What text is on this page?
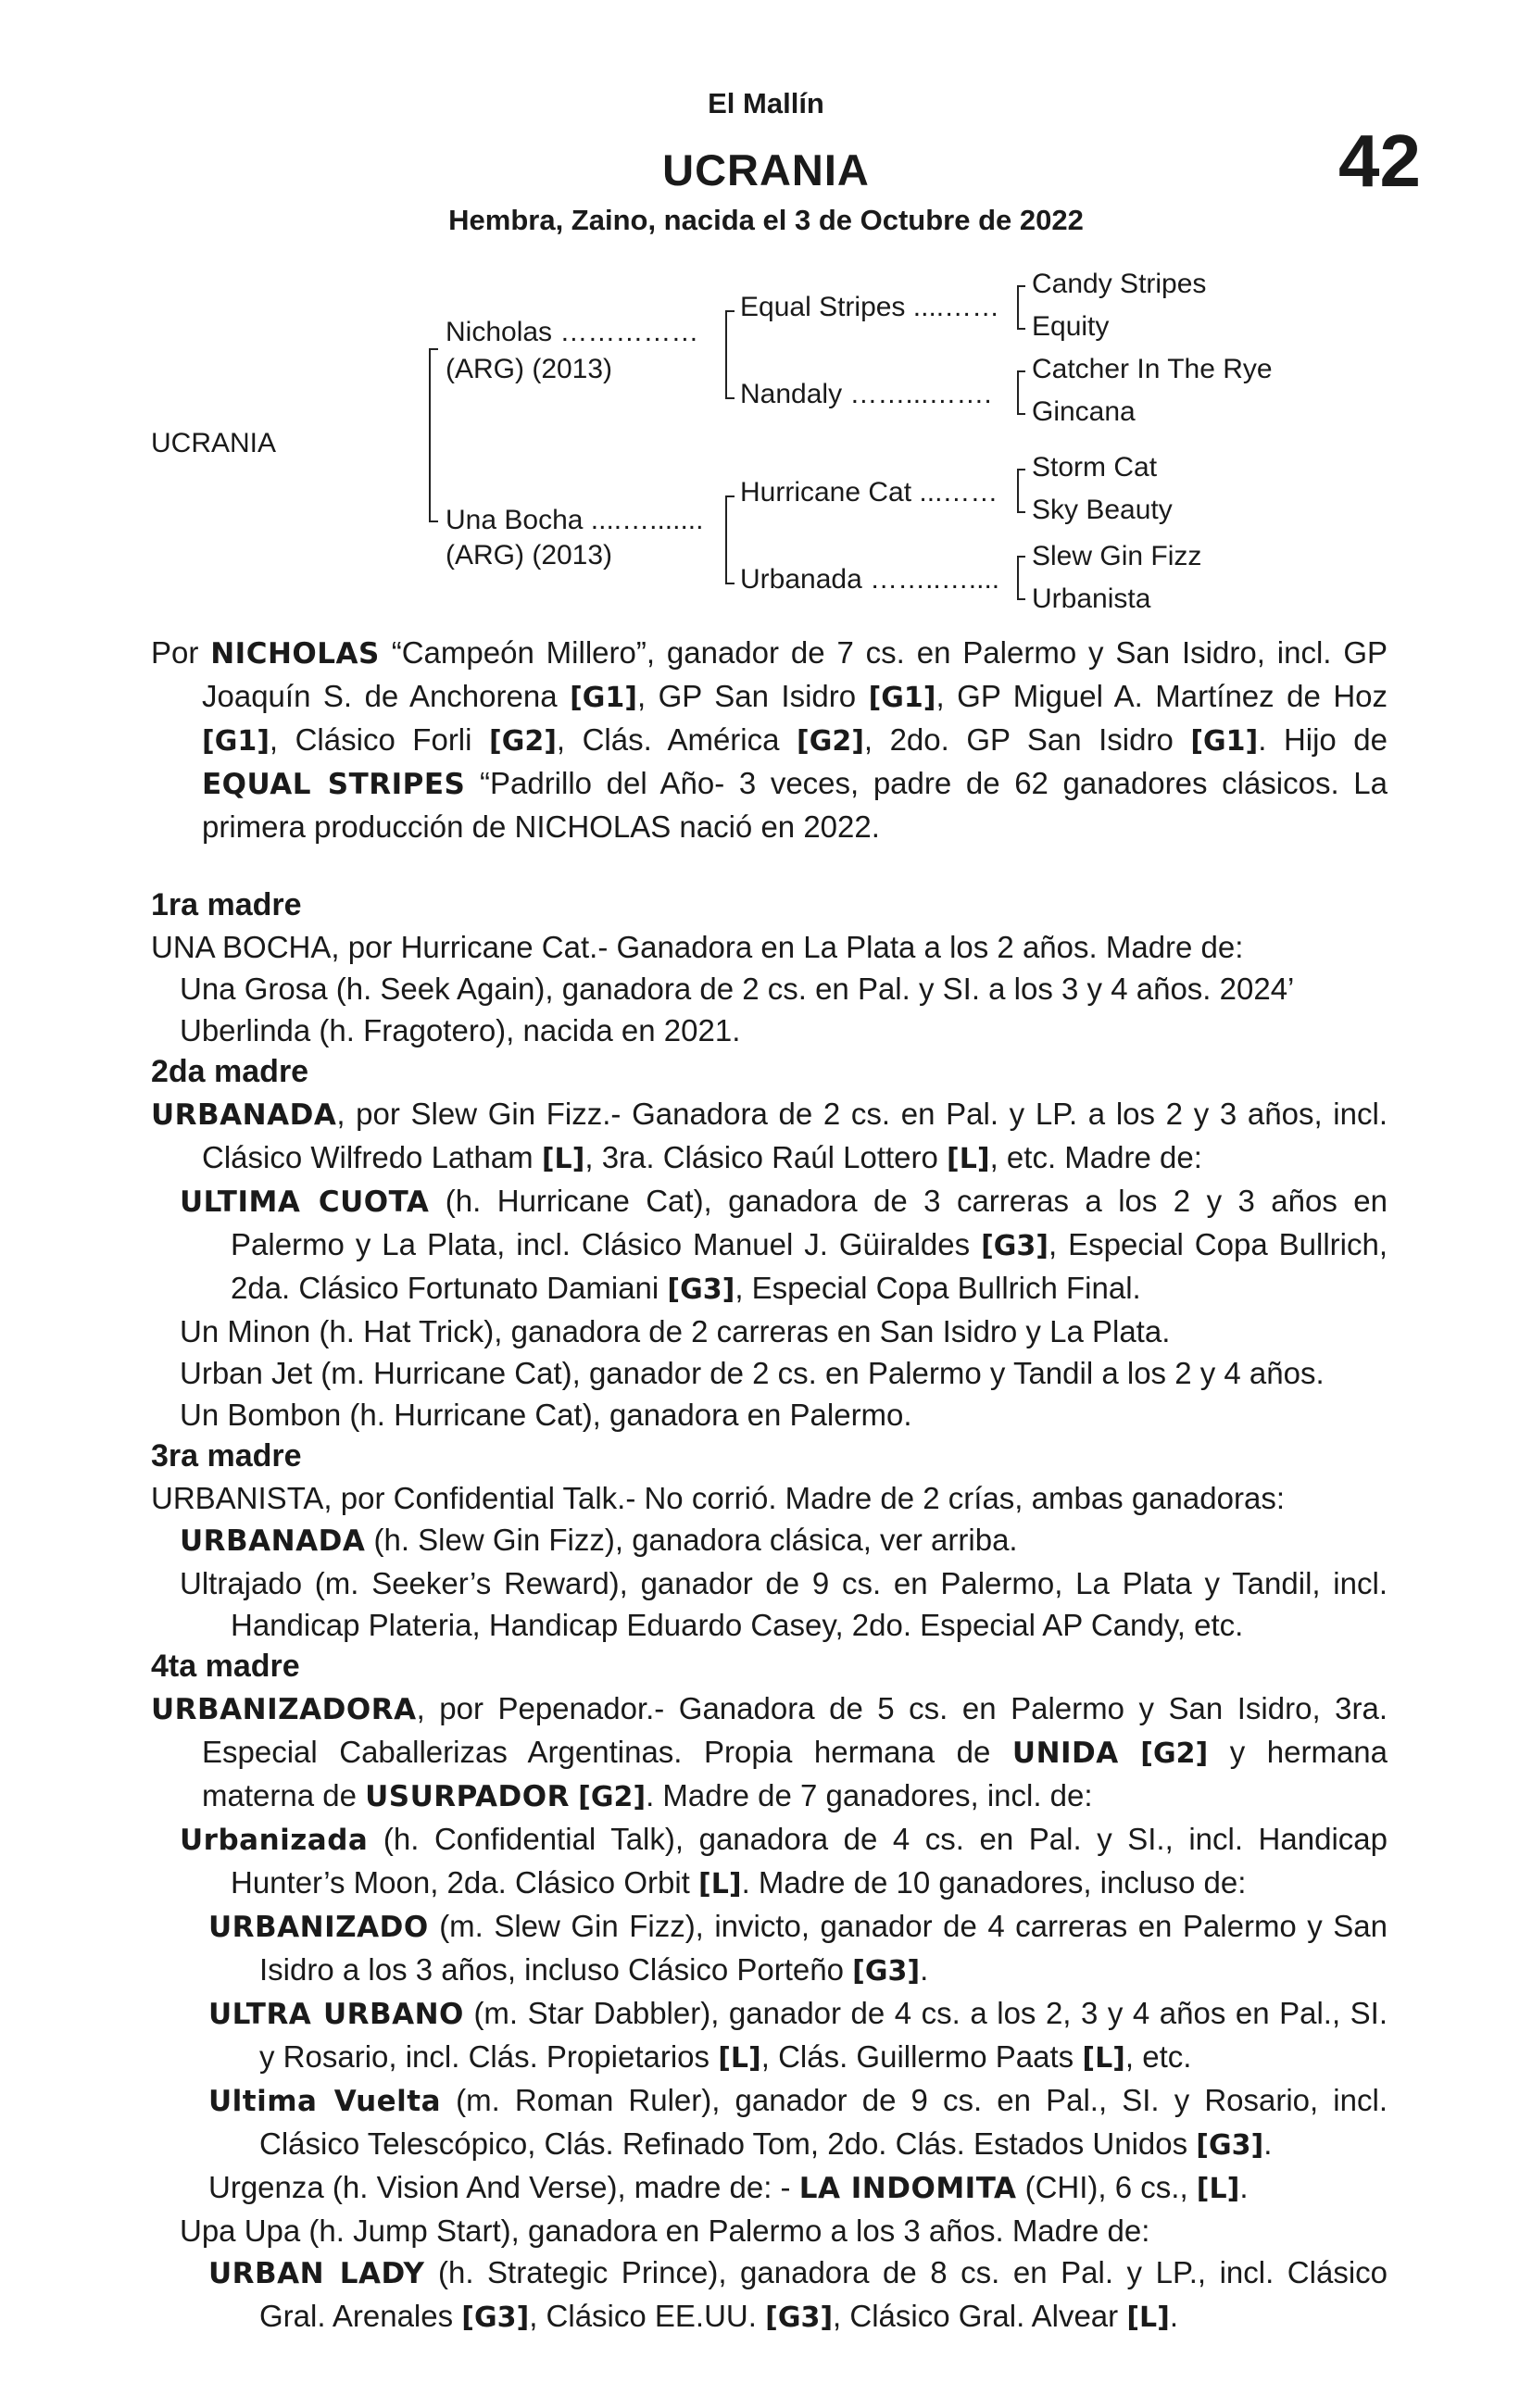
El Mallín
UCRANIA	42
Hembra, Zaino, nacida el 3 de Octubre de 2022
UCRANIA
Nicholas ……………
(ARG) (2013)
Una Bocha ....….......
(ARG) (2013)
Equal Stripes ....……
Nandaly ……...…….
Hurricane Cat ...……
Urbanada ……..…....
Candy Stripes
Equity
Catcher In The Rye
Gincana
Storm Cat
Sky Beauty
Slew Gin Fizz
Urbanista

Por NICHOLAS “Campeón Millero”, ganador de 7 cs. en Palermo y San Isidro, incl. GP Joaquín S. de Anchorena [G1], GP San Isidro [G1], GP Miguel A. Martínez de Hoz [G1], Clásico Forli [G2], Clás. América [G2], 2do. GP San Isidro [G1]. Hijo de EQUAL STRIPES “Padrillo del Año- 3 veces, padre de 62 ganadores clásicos. La primera producción de NICHOLAS nació en 2022.

1ra madre

UNA BOCHA, por Hurricane Cat.- Ganadora en La Plata a los 2 años. Madre de:

Una Grosa (h. Seek Again), ganadora de 2 cs. en Pal. y SI. a los 3 y 4 años. 2024’

Uberlinda (h. Fragotero), nacida en 2021.

2da madre

URBANADA, por Slew Gin Fizz.- Ganadora de 2 cs. en Pal. y LP. a los 2 y 3 años, incl. Clásico Wilfredo Latham [L], 3ra. Clásico Raúl Lottero [L], etc. Madre de:

ULTIMA CUOTA (h. Hurricane Cat), ganadora de 3 carreras a los 2 y 3 años en Palermo y La Plata, incl. Clásico Manuel J. Güiraldes [G3], Especial Copa Bullrich, 2da. Clásico Fortunato Damiani [G3], Especial Copa Bullrich Final.

Un Minon (h. Hat Trick), ganadora de 2 carreras en San Isidro y La Plata.

Urban Jet (m. Hurricane Cat), ganador de 2 cs. en Palermo y Tandil a los 2 y 4 años.

Un Bombon (h. Hurricane Cat), ganadora en Palermo.

3ra madre

URBANISTA, por Confidential Talk.- No corrió. Madre de 2 crías, ambas ganadoras:

URBANADA (h. Slew Gin Fizz), ganadora clásica, ver arriba.

Ultrajado (m. Seeker’s Reward), ganador de 9 cs. en Palermo, La Plata y Tandil, incl. Handicap Plateria, Handicap Eduardo Casey, 2do. Especial AP Candy, etc.

4ta madre

URBANIZADORA, por Pepenador.- Ganadora de 5 cs. en Palermo y San Isidro, 3ra. Especial Caballerizas Argentinas. Propia hermana de UNIDA [G2] y hermana materna de USURPADOR [G2]. Madre de 7 ganadores, incl. de:

Urbanizada (h. Confidential Talk), ganadora de 4 cs. en Pal. y SI., incl. Handicap Hunter’s Moon, 2da. Clásico Orbit [L]. Madre de 10 ganadores, incluso de:

URBANIZADO (m. Slew Gin Fizz), invicto, ganador de 4 carreras en Palermo y San Isidro a los 3 años, incluso Clásico Porteño [G3].

ULTRA URBANO (m. Star Dabbler), ganador de 4 cs. a los 2, 3 y 4 años en Pal., SI. y Rosario, incl. Clás. Propietarios [L], Clás. Guillermo Paats [L], etc.

Ultima Vuelta (m. Roman Ruler), ganador de 9 cs. en Pal., SI. y Rosario, incl. Clásico Telescópico, Clás. Refinado Tom, 2do. Clás. Estados Unidos [G3].

Urgenza (h. Vision And Verse), madre de: - LA INDOMITA (CHI), 6 cs., [L].

Upa Upa (h. Jump Start), ganadora en Palermo a los 3 años. Madre de:

URBAN LADY (h. Strategic Prince), ganadora de 8 cs. en Pal. y LP., incl. Clásico Gral. Arenales [G3], Clásico EE.UU. [G3], Clásico Gral. Alvear [L].
